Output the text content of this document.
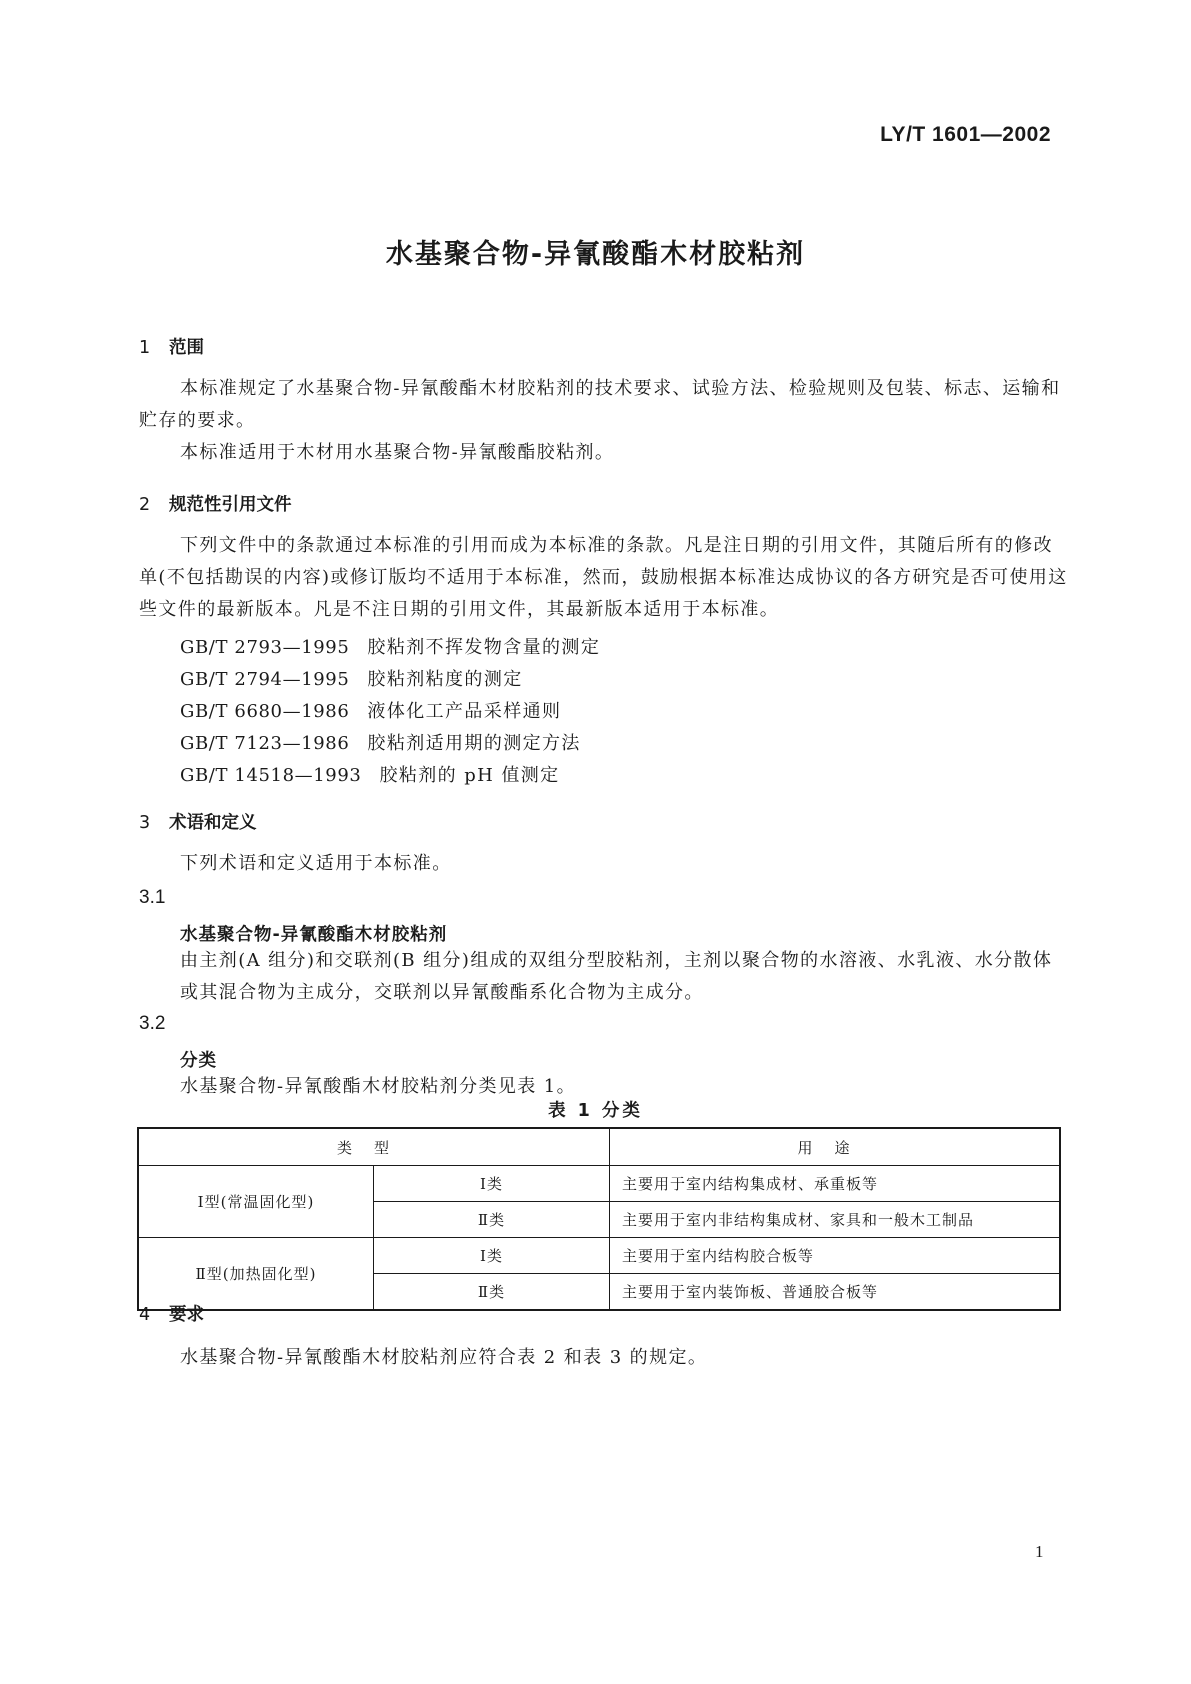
LY/T 1601—2002
水基聚合物-异氰酸酯木材胶粘剂
1 范围
本标准规定了水基聚合物-异氰酸酯木材胶粘剂的技术要求、试验方法、检验规则及包装、标志、运输和贮存的要求。
本标准适用于木材用水基聚合物-异氰酸酯胶粘剂。
2 规范性引用文件
下列文件中的条款通过本标准的引用而成为本标准的条款。凡是注日期的引用文件，其随后所有的修改单(不包括勘误的内容)或修订版均不适用于本标准，然而，鼓励根据本标准达成协议的各方研究是否可使用这些文件的最新版本。凡是不注日期的引用文件，其最新版本适用于本标准。
GB/T 2793—1995 胶粘剂不挥发物含量的测定
GB/T 2794—1995 胶粘剂粘度的测定
GB/T 6680—1986 液体化工产品采样通则
GB/T 7123—1986 胶粘剂适用期的测定方法
GB/T 14518—1993 胶粘剂的 pH 值测定
3 术语和定义
下列术语和定义适用于本标准。
3.1
水基聚合物-异氰酸酯木材胶粘剂
由主剂(A 组分)和交联剂(B 组分)组成的双组分型胶粘剂，主剂以聚合物的水溶液、水乳液、水分散体或其混合物为主成分，交联剂以异氰酸酯系化合物为主成分。
3.2
分类
水基聚合物-异氰酸酯木材胶粘剂分类见表 1。
表 1 分类
类型		用途
Ⅰ型(常温固化型)	Ⅰ类	主要用于室内结构集成材、承重板等
	Ⅱ类	主要用于室内非结构集成材、家具和一般木工制品
Ⅱ型(加热固化型)	Ⅰ类	主要用于室内结构胶合板等
	Ⅱ类	主要用于室内装饰板、普通胶合板等
4 要求
水基聚合物-异氰酸酯木材胶粘剂应符合表 2 和表 3 的规定。
1
